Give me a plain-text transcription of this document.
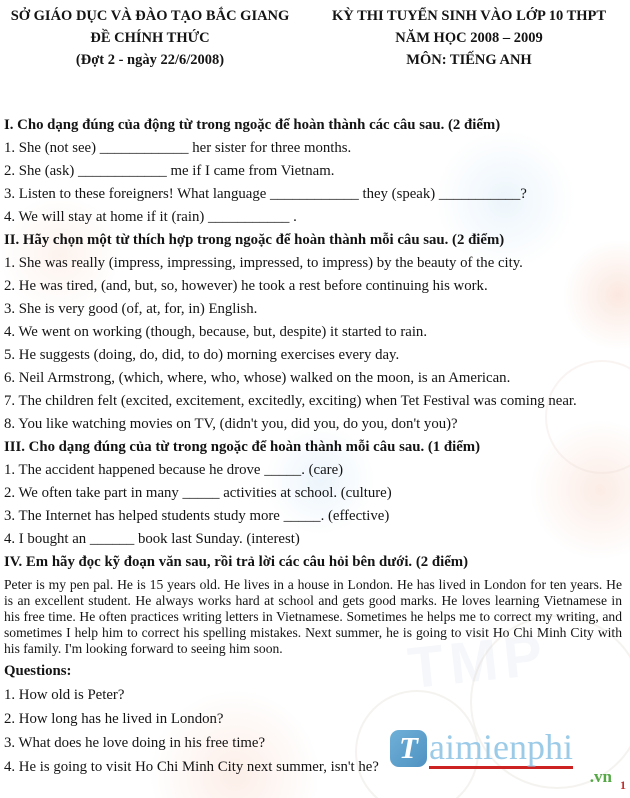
TMP
SỞ GIÁO DỤC VÀ ĐÀO TẠO BẮC GIANG
ĐỀ CHÍNH THỨC
(Đợt 2 - ngày 22/6/2008)
KỲ THI TUYỂN SINH VÀO LỚP 10 THPT
NĂM HỌC 2008 – 2009
MÔN: TIẾNG ANH
I. Cho dạng đúng của động từ trong ngoặc để hoàn thành các câu sau. (2 điểm)
1. She (not see) ____________ her sister for three months.
2. She (ask) ____________ me if I came from Vietnam.
3. Listen to these foreigners! What language ____________ they (speak) ___________?
4. We will stay at home if it (rain) ___________ .
II. Hãy chọn một từ thích hợp trong ngoặc để hoàn thành mỗi câu sau. (2 điểm)
1. She was really (impress, impressing, impressed, to impress) by the beauty of the city.
2. He was tired, (and, but, so, however) he took a rest before continuing his work.
3. She is very good (of, at, for, in) English.
4. We went on working (though, because, but, despite) it started to rain.
5. He suggests (doing, do, did, to do) morning exercises every day.
6. Neil Armstrong, (which, where, who, whose) walked on the moon, is an American.
7. The children felt (excited, excitement, excitedly, exciting) when Tet Festival was coming near.
8. You like watching movies on TV, (didn't you, did you, do you, don't you)?
III. Cho dạng đúng của từ trong ngoặc để hoàn thành mỗi câu sau. (1 điểm)
1. The accident happened because he drove _____. (care)
2. We often take part in many _____ activities at school. (culture)
3. The Internet has helped students study more _____. (effective)
4. I bought an ______ book last Sunday. (interest)
IV. Em hãy đọc kỹ đoạn văn sau, rồi trả lời các câu hỏi bên dưới. (2 điểm)
Peter is my pen pal. He is 15 years old. He lives in a house in London. He has lived in London for ten years. He is an excellent student. He always works hard at school and gets good marks. He loves learning Vietnamese in his free time. He often practices writing letters in Vietnamese. Sometimes he helps me to correct my writing, and sometimes I help him to correct his spelling mistakes. Next summer, he is going to visit Ho Chi Minh City with his family. I'm looking forward to seeing him soon.
Questions:
1. How old is Peter?
2. How long has he lived in London?
3. What does he love doing in his free time?
4. He is going to visit Ho Chi Minh City next summer, isn't he?
T aimienphi
.vn 1
